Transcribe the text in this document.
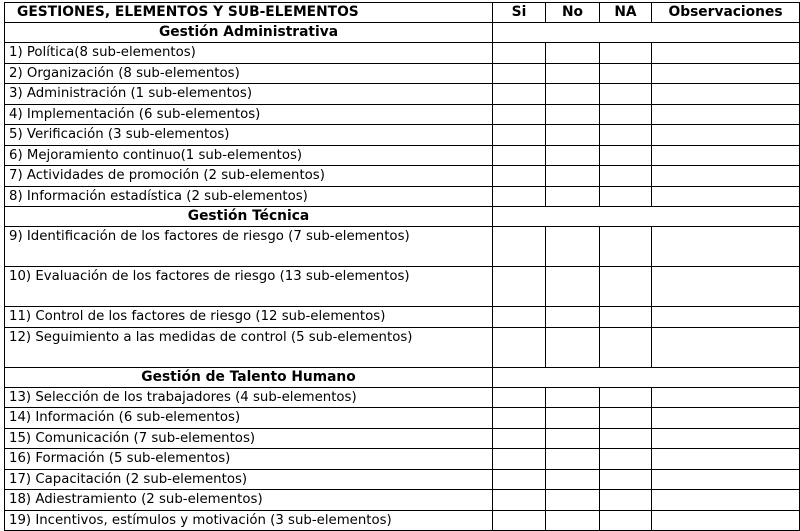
GESTIONES, ELEMENTOS Y SUB-ELEMENTOS	Si	No	NA	Observaciones
Gestión Administrativa				
1) Política(8 sub-elementos)				
2) Organización (8 sub-elementos)				
3) Administración (1 sub-elementos)				
4) Implementación (6 sub-elementos)				
5) Verificación (3 sub-elementos)				
6) Mejoramiento continuo(1 sub-elementos)				
7) Actividades de promoción (2 sub-elementos)				
8) Información estadística (2 sub-elementos)				
Gestión Técnica				
9) Identificación de los factores de riesgo (7 sub-elementos)				
10) Evaluación de los factores de riesgo (13 sub-elementos)				
11) Control de los factores de riesgo (12 sub-elementos)				
12) Seguimiento a las medidas de control (5 sub-elementos)				
Gestión de Talento Humano				
13) Selección de los trabajadores (4 sub-elementos)				
14) Información (6 sub-elementos)				
15) Comunicación (7 sub-elementos)				
16) Formación (5 sub-elementos)				
17) Capacitación (2 sub-elementos)				
18) Adiestramiento (2 sub-elementos)				
19) Incentivos, estímulos y motivación (3 sub-elementos)				
